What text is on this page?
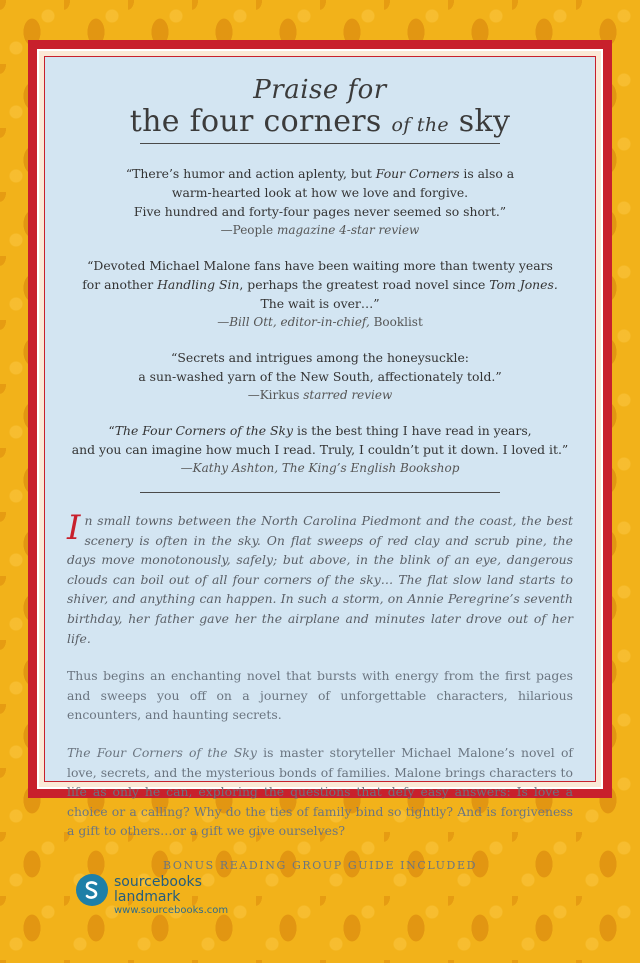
Praise for
the four corners of the sky
“There’s humor and action aplenty, but Four Corners is also a
warm-hearted look at how we love and forgive.
Five hundred and forty-four pages never seemed so short.”
—People magazine 4-star review
“Devoted Michael Malone fans have been waiting more than twenty years
for another Handling Sin, perhaps the greatest road novel since Tom Jones.
The wait is over…”
—Bill Ott, editor-in-chief, Booklist
“Secrets and intrigues among the honeysuckle:
a sun-washed yarn of the New South, affectionately told.”
—Kirkus starred review
“The Four Corners of the Sky is the best thing I have read in years,
and you can imagine how much I read. Truly, I couldn’t put it down. I loved it.”
—Kathy Ashton, The King’s English Bookshop
In small towns between the North Carolina Piedmont and the coast, the best scenery is often in the sky. On flat sweeps of red clay and scrub pine, the days move monotonously, safely; but above, in the blink of an eye, dangerous clouds can boil out of all four corners of the sky… The flat slow land starts to shiver, and anything can happen. In such a storm, on Annie Peregrine’s seventh birthday, her father gave her the airplane and minutes later drove out of her life.
Thus begins an enchanting novel that bursts with energy from the first pages and sweeps you off on a journey of unforgettable characters, hilarious encounters, and haunting secrets.
The Four Corners of the Sky is master storyteller Michael Malone’s novel of love, secrets, and the mysterious bonds of families. Malone brings characters to life as only he can, exploring the questions that defy easy answers: Is love a choice or a calling? Why do the ties of family bind so tightly? And is forgiveness a gift to others…or a gift we give ourselves?
BONUS READING GROUP GUIDE INCLUDED
sourcebooks
landmark
www.sourcebooks.com
